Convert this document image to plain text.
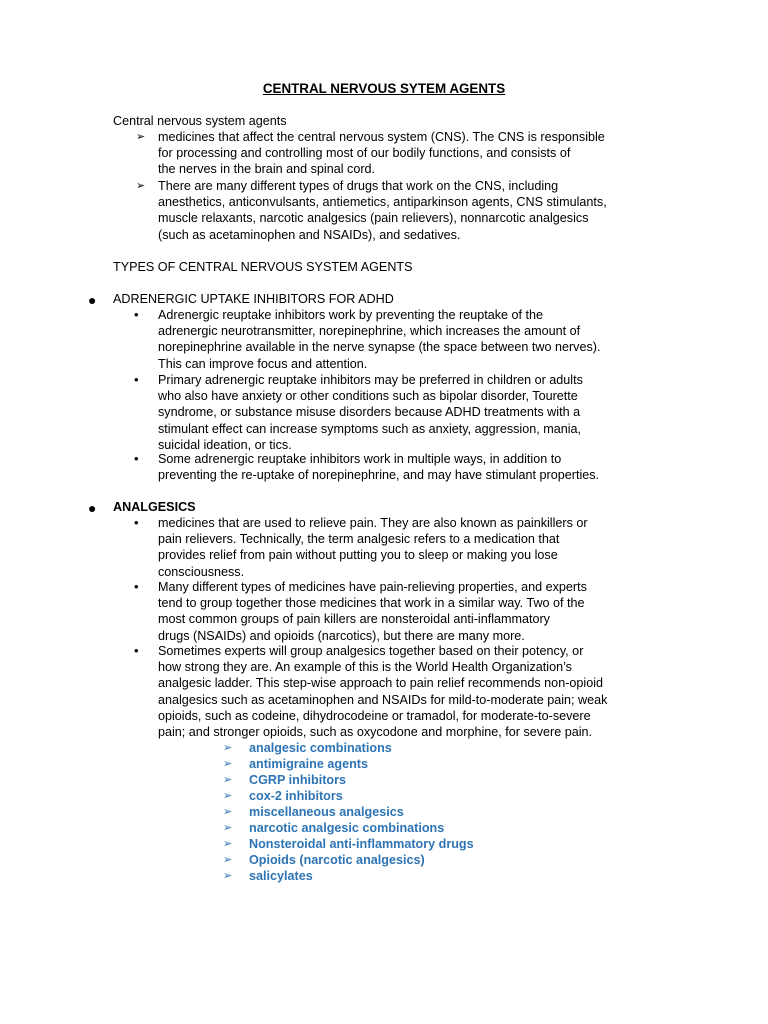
CENTRAL NERVOUS SYTEM AGENTS
Central nervous system agents
➢ medicines that affect the central nervous system (CNS). The CNS is responsible
for processing and controlling most of our bodily functions, and consists of
the nerves in the brain and spinal cord.
➢ There are many different types of drugs that work on the CNS, including
anesthetics, anticonvulsants, antiemetics, antiparkinson agents, CNS stimulants,
muscle relaxants, narcotic analgesics (pain relievers), nonnarcotic analgesics
(such as acetaminophen and NSAIDs), and sedatives.
TYPES OF CENTRAL NERVOUS SYSTEM AGENTS
● ADRENERGIC UPTAKE INHIBITORS FOR ADHD
• Adrenergic reuptake inhibitors work by preventing the reuptake of the
adrenergic neurotransmitter, norepinephrine, which increases the amount of
norepinephrine available in the nerve synapse (the space between two nerves).
This can improve focus and attention.
• Primary adrenergic reuptake inhibitors may be preferred in children or adults
who also have anxiety or other conditions such as bipolar disorder, Tourette
syndrome, or substance misuse disorders because ADHD treatments with a
stimulant effect can increase symptoms such as anxiety, aggression, mania,
suicidal ideation, or tics.
• Some adrenergic reuptake inhibitors work in multiple ways, in addition to
preventing the re-uptake of norepinephrine, and may have stimulant properties.
● ANALGESICS
• medicines that are used to relieve pain. They are also known as painkillers or
pain relievers. Technically, the term analgesic refers to a medication that
provides relief from pain without putting you to sleep or making you lose
consciousness.
• Many different types of medicines have pain-relieving properties, and experts
tend to group together those medicines that work in a similar way. Two of the
most common groups of pain killers are nonsteroidal anti-inflammatory
drugs (NSAIDs) and opioids (narcotics), but there are many more.
• Sometimes experts will group analgesics together based on their potency, or
how strong they are. An example of this is the World Health Organization’s
analgesic ladder. This step-wise approach to pain relief recommends non-opioid
analgesics such as acetaminophen and NSAIDs for mild-to-moderate pain; weak
opioids, such as codeine, dihydrocodeine or tramadol, for moderate-to-severe
pain; and stronger opioids, such as oxycodone and morphine, for severe pain.
➢ analgesic combinations
➢ antimigraine agents
➢ CGRP inhibitors
➢ cox-2 inhibitors
➢ miscellaneous analgesics
➢ narcotic analgesic combinations
➢ Nonsteroidal anti-inflammatory drugs
➢ Opioids (narcotic analgesics)
➢ salicylates
